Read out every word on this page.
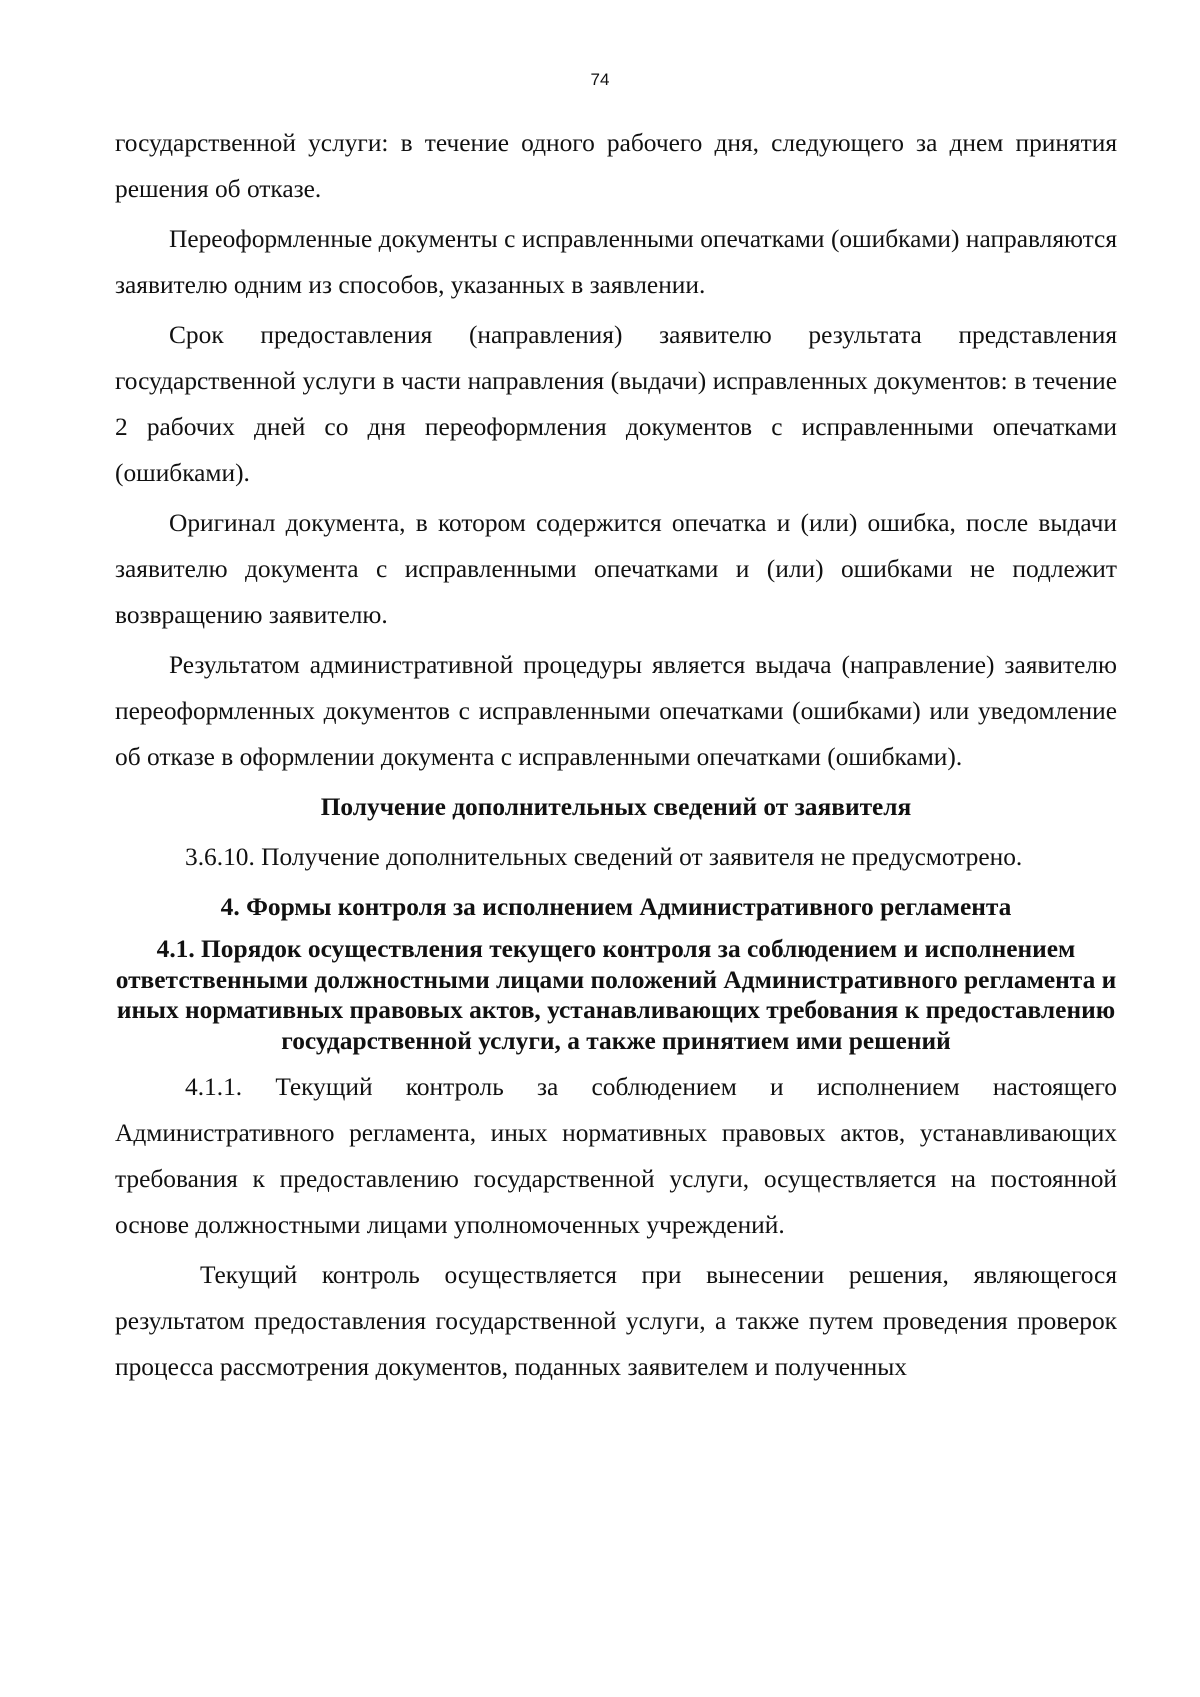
74

государственной услуги: в течение одного рабочего дня, следующего за днем принятия решения об отказе.

Переоформленные документы с исправленными опечатками (ошибками) направляются заявителю одним из способов, указанных в заявлении.

Срок предоставления (направления) заявителю результата представления государственной услуги в части направления (выдачи) исправленных документов: в течение 2 рабочих дней со дня переоформления документов с исправленными опечатками (ошибками).

Оригинал документа, в котором содержится опечатка и (или) ошибка, после выдачи заявителю документа с исправленными опечатками и (или) ошибками не подлежит возвращению заявителю.

Результатом административной процедуры является выдача (направление) заявителю переоформленных документов с исправленными опечатками (ошибками) или уведомление об отказе в оформлении документа с исправленными опечатками (ошибками).

Получение дополнительных сведений от заявителя

3.6.10. Получение дополнительных сведений от заявителя не предусмотрено.

4. Формы контроля за исполнением Административного регламента
4.1. Порядок осуществления текущего контроля за соблюдением и исполнением ответственными должностными лицами положений Административного регламента и иных нормативных правовых актов, устанавливающих требования к предоставлению государственной услуги, а также принятием ими решений

4.1.1. Текущий контроль за соблюдением и исполнением настоящего Административного регламента, иных нормативных правовых актов, устанавливающих требования к предоставлению государственной услуги, осуществляется на постоянной основе должностными лицами уполномоченных учреждений.

Текущий контроль осуществляется при вынесении решения, являющегося результатом предоставления государственной услуги, а также путем проведения проверок процесса рассмотрения документов, поданных заявителем и полученных
